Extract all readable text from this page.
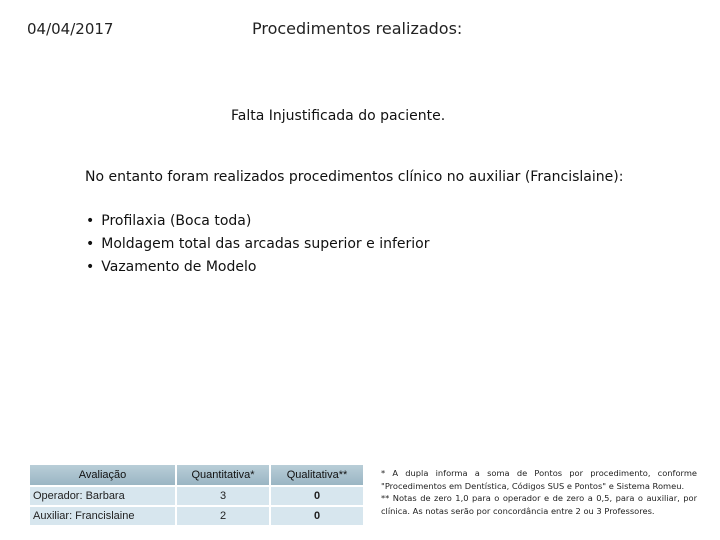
04/04/2017	Procedimentos realizados:
Falta Injustificada do paciente.
No entanto foram realizados procedimentos clínico no auxiliar (Francislaine):
• Profilaxia (Boca toda)
• Moldagem total das arcadas superior e inferior
• Vazamento de Modelo
Avaliação	Quantitativa*	Qualitativa**
Operador: Barbara	3	0
Auxiliar: Francislaine	2	0

* A dupla informa a soma de Pontos por procedimento, conforme "Procedimentos em Dentística, Códigos SUS e Pontos" e Sistema Romeu.

** Notas de zero 1,0 para o operador e de zero a 0,5, para o auxiliar, por clínica. As notas serão por concordância entre 2 ou 3 Professores.
